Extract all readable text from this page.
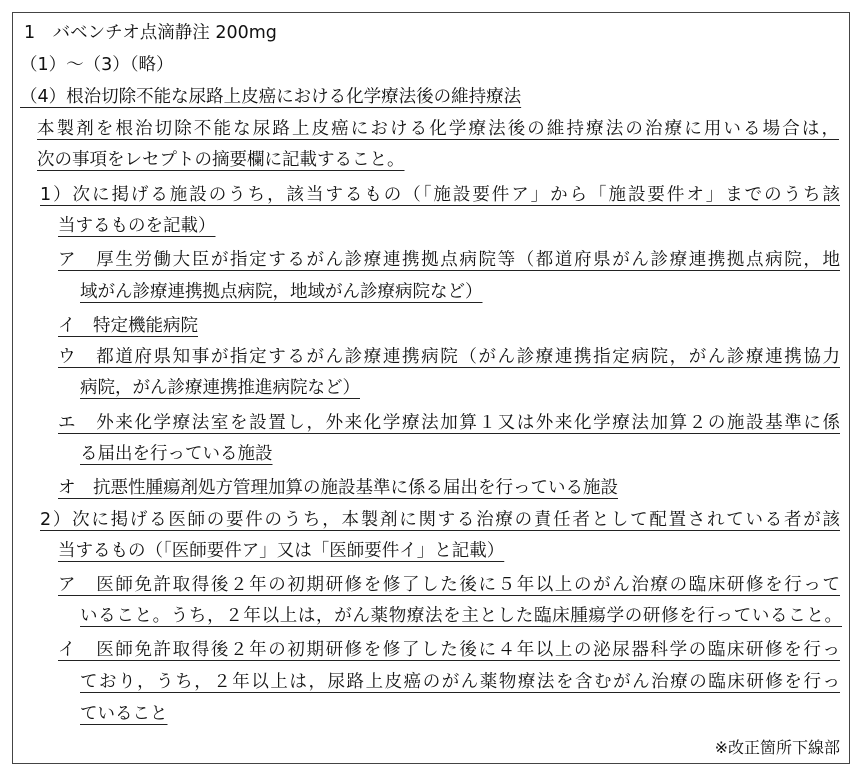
1　バベンチオ点滴静注 200mg
（1）～（3）（略）
（4）根治切除不能な尿路上皮癌における化学療法後の維持療法
本製剤を根治切除不能な尿路上皮癌における化学療法後の維持療法の治療に用いる場合は，
次の事項をレセプトの摘要欄に記載すること。
1）次に掲げる施設のうち，該当するもの（「施設要件ア」から「施設要件オ」までのうち該
当するものを記載）
ア　厚生労働大臣が指定するがん診療連携拠点病院等（都道府県がん診療連携拠点病院，地
域がん診療連携拠点病院，地域がん診療病院など）
イ　特定機能病院
ウ　都道府県知事が指定するがん診療連携病院（がん診療連携指定病院，がん診療連携協力
病院，がん診療連携推進病院など）
エ　外来化学療法室を設置し，外来化学療法加算１又は外来化学療法加算２の施設基準に係
る届出を行っている施設
オ　抗悪性腫瘍剤処方管理加算の施設基準に係る届出を行っている施設
2）次に掲げる医師の要件のうち，本製剤に関する治療の責任者として配置されている者が該
当するもの（「医師要件ア」又は「医師要件イ」と記載）
ア　医師免許取得後２年の初期研修を修了した後に５年以上のがん治療の臨床研修を行って
いること。うち，２年以上は，がん薬物療法を主とした臨床腫瘍学の研修を行っていること。
イ　医師免許取得後２年の初期研修を修了した後に４年以上の泌尿器科学の臨床研修を行っ
ており，うち，２年以上は，尿路上皮癌のがん薬物療法を含むがん治療の臨床研修を行っ
ていること
※改正箇所下線部
